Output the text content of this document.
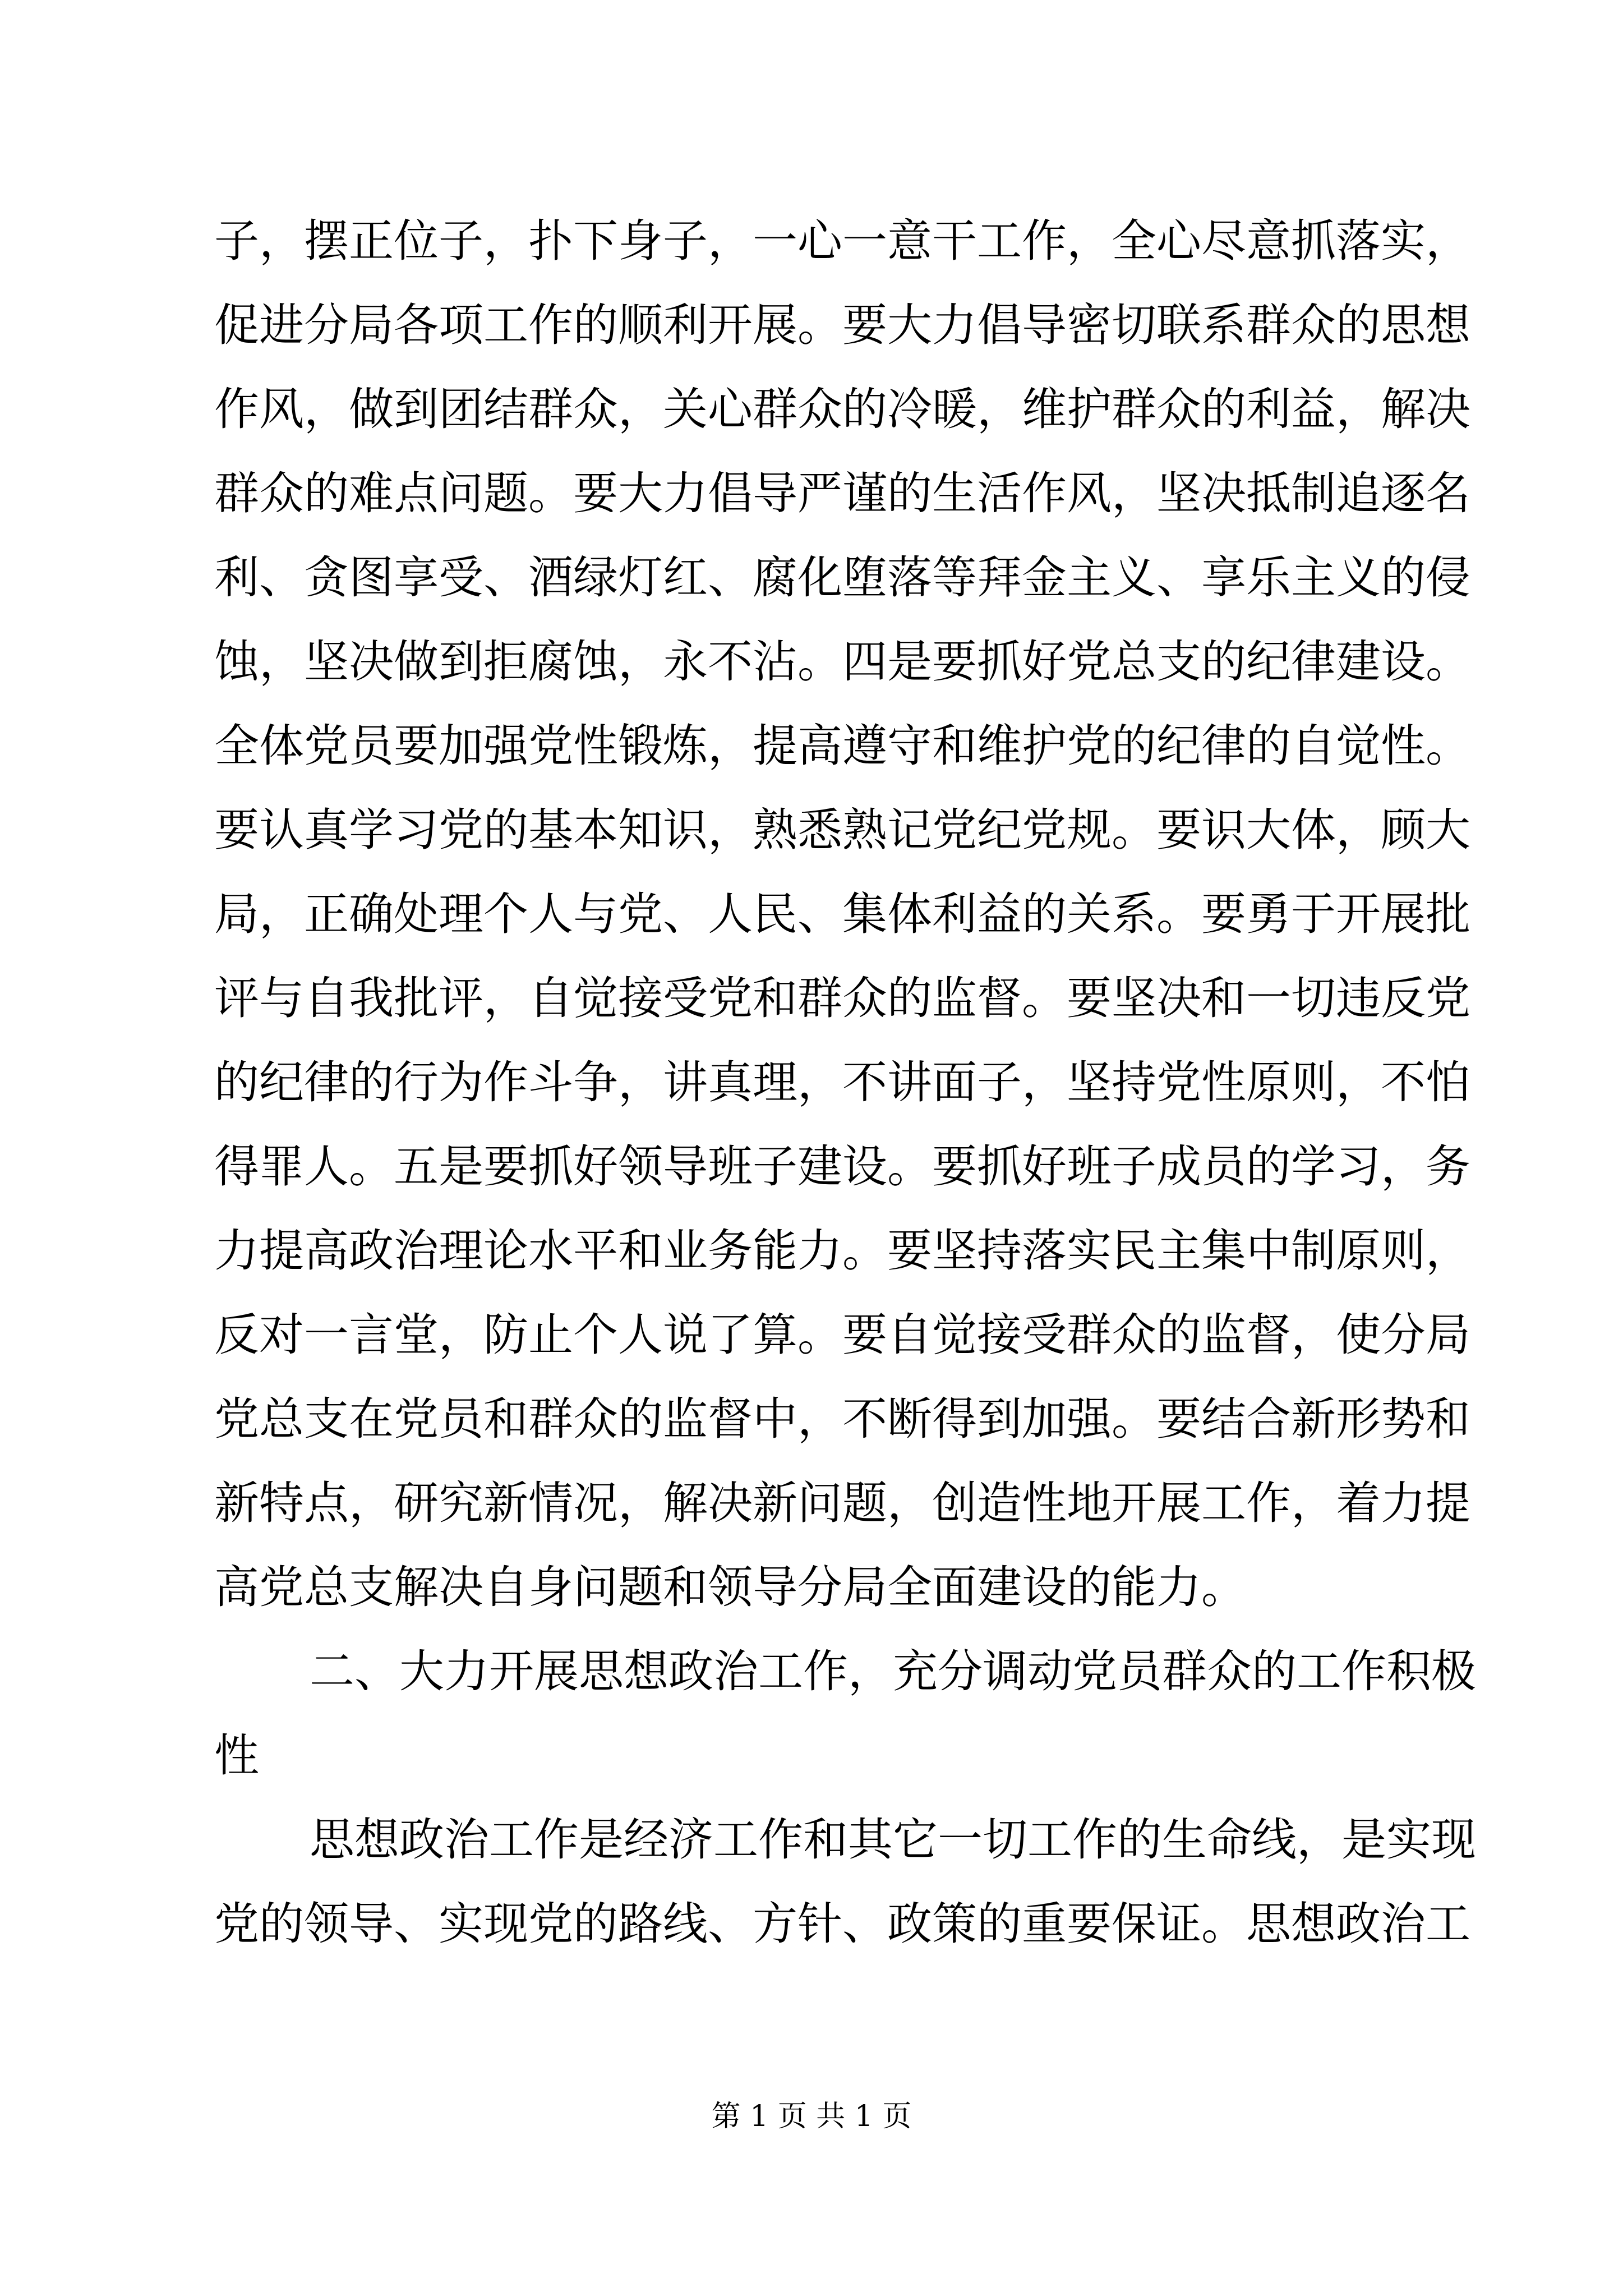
子，摆正位子，扑下身子，一心一意干工作，全心尽意抓落实，
促进分局各项工作的顺利开展。要大力倡导密切联系群众的思想
作风，做到团结群众，关心群众的冷暖，维护群众的利益，解决
群众的难点问题。要大力倡导严谨的生活作风，坚决抵制追逐名
利、贪图享受、酒绿灯红、腐化堕落等拜金主义、享乐主义的侵
蚀，坚决做到拒腐蚀，永不沾。四是要抓好党总支的纪律建设。
全体党员要加强党性锻炼，提高遵守和维护党的纪律的自觉性。
要认真学习党的基本知识，熟悉熟记党纪党规。要识大体，顾大
局，正确处理个人与党、人民、集体利益的关系。要勇于开展批
评与自我批评，自觉接受党和群众的监督。要坚决和一切违反党
的纪律的行为作斗争，讲真理，不讲面子，坚持党性原则，不怕
得罪人。五是要抓好领导班子建设。要抓好班子成员的学习，务
力提高政治理论水平和业务能力。要坚持落实民主集中制原则，
反对一言堂，防止个人说了算。要自觉接受群众的监督，使分局
党总支在党员和群众的监督中，不断得到加强。要结合新形势和
新特点，研究新情况，解决新问题，创造性地开展工作，着力提
高党总支解决自身问题和领导分局全面建设的能力。
二、大力开展思想政治工作，充分调动党员群众的工作积极
性
思想政治工作是经济工作和其它一切工作的生命线，是实现
党的领导、实现党的路线、方针、政策的重要保证。思想政治工
第 1 页 共 1 页
